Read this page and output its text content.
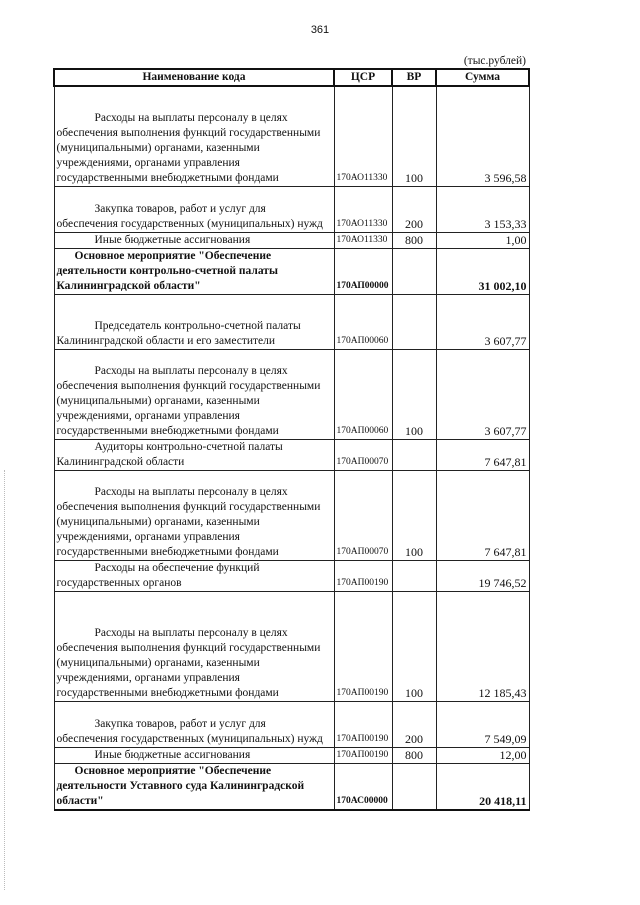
361
(тыс.рублей)
Наименование кода	ЦСР	ВР	Сумма
Расходы на выплаты персоналу в целях обеспечения выполнения функций государственными (муниципальными) органами, казенными учреждениями, органами управления государственными внебюджетными фондами	170АО11330	100	3 596,58
Закупка товаров, работ и услуг для обеспечения государственных (муниципальных) нужд	170АО11330	200	3 153,33
Иные бюджетные ассигнования	170АО11330	800	1,00
Основное мероприятие "Обеспечение деятельности контрольно-счетной палаты Калининградской области"	170АП00000		31 002,10
Председатель контрольно-счетной палаты Калининградской области и его заместители	170АП00060		3 607,77
Расходы на выплаты персоналу в целях обеспечения выполнения функций государственными (муниципальными) органами, казенными учреждениями, органами управления государственными внебюджетными фондами	170АП00060	100	3 607,77
Аудиторы контрольно-счетной палаты Калининградской области	170АП00070		7 647,81
Расходы на выплаты персоналу в целях обеспечения выполнения функций государственными (муниципальными) органами, казенными учреждениями, органами управления государственными внебюджетными фондами	170АП00070	100	7 647,81
Расходы на обеспечение функций государственных органов	170АП00190		19 746,52
Расходы на выплаты персоналу в целях обеспечения выполнения функций государственными (муниципальными) органами, казенными учреждениями, органами управления государственными внебюджетными фондами	170АП00190	100	12 185,43
Закупка товаров, работ и услуг для обеспечения государственных (муниципальных) нужд	170АП00190	200	7 549,09
Иные бюджетные ассигнования	170АП00190	800	12,00
Основное мероприятие "Обеспечение деятельности Уставного суда Калининградской области"	170АС00000		20 418,11
